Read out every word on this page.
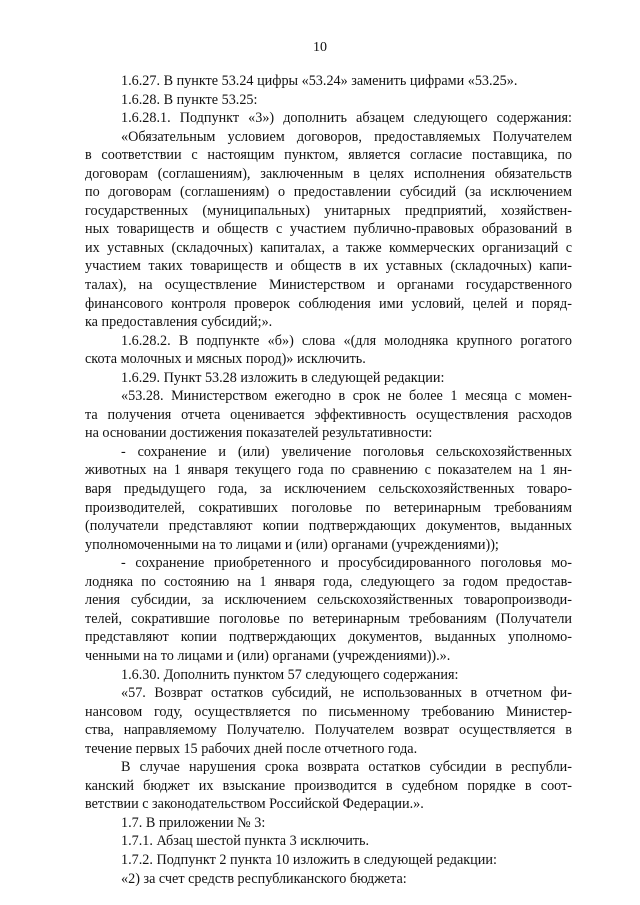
10
1.6.27. В пункте 53.24 цифры «53.24» заменить цифрами «53.25».
1.6.28. В пункте 53.25:
1.6.28.1. Подпункт «3») дополнить абзацем следующего содержания:
«Обязательным условием договоров, предоставляемых Получателем
в соответствии с настоящим пунктом, является согласие поставщика, по
договорам (соглашениям), заключенным в целях исполнения обязательств
по договорам (соглашениям) о предоставлении субсидий (за исключением
государственных (муниципальных) унитарных предприятий, хозяйствен-
ных товариществ и обществ с участием публично-правовых образований в
их уставных (складочных) капиталах, а также коммерческих организаций с
участием таких товариществ и обществ в их уставных (складочных) капи-
талах), на осуществление Министерством и органами государственного
финансового контроля проверок соблюдения ими условий, целей и поряд-
ка предоставления субсидий;».
1.6.28.2. В подпункте «б») слова «(для молодняка крупного рогатого
скота молочных и мясных пород)» исключить.
1.6.29. Пункт 53.28 изложить в следующей редакции:
«53.28. Министерством ежегодно в срок не более 1 месяца с момен-
та получения отчета оценивается эффективность осуществления расходов
на основании достижения показателей результативности:
- сохранение и (или) увеличение поголовья сельскохозяйственных
животных на 1 января текущего года по сравнению с показателем на 1 ян-
варя предыдущего года, за исключением сельскохозяйственных товаро-
производителей, сокративших поголовье по ветеринарным требованиям
(получатели представляют копии подтверждающих документов, выданных
уполномоченными на то лицами и (или) органами (учреждениями));
- сохранение приобретенного и просубсидированного поголовья мо-
лодняка по состоянию на 1 января года, следующего за годом предостав-
ления субсидии, за исключением сельскохозяйственных товаропроизводи-
телей, сократившие поголовье по ветеринарным требованиям (Получатели
представляют копии подтверждающих документов, выданных уполномо-
ченными на то лицами и (или) органами (учреждениями)).».
1.6.30. Дополнить пунктом 57 следующего содержания:
«57. Возврат остатков субсидий, не использованных в отчетном фи-
нансовом году, осуществляется по письменному требованию Министер-
ства, направляемому Получателю. Получателем возврат осуществляется в
течение первых 15 рабочих дней после отчетного года.
В случае нарушения срока возврата остатков субсидии в республи-
канский бюджет их взыскание производится в судебном порядке в соот-
ветствии с законодательством Российской Федерации.».
1.7. В приложении № 3:
1.7.1. Абзац шестой пункта 3 исключить.
1.7.2. Подпункт 2 пункта 10 изложить в следующей редакции:
«2) за счет средств республиканского бюджета:
